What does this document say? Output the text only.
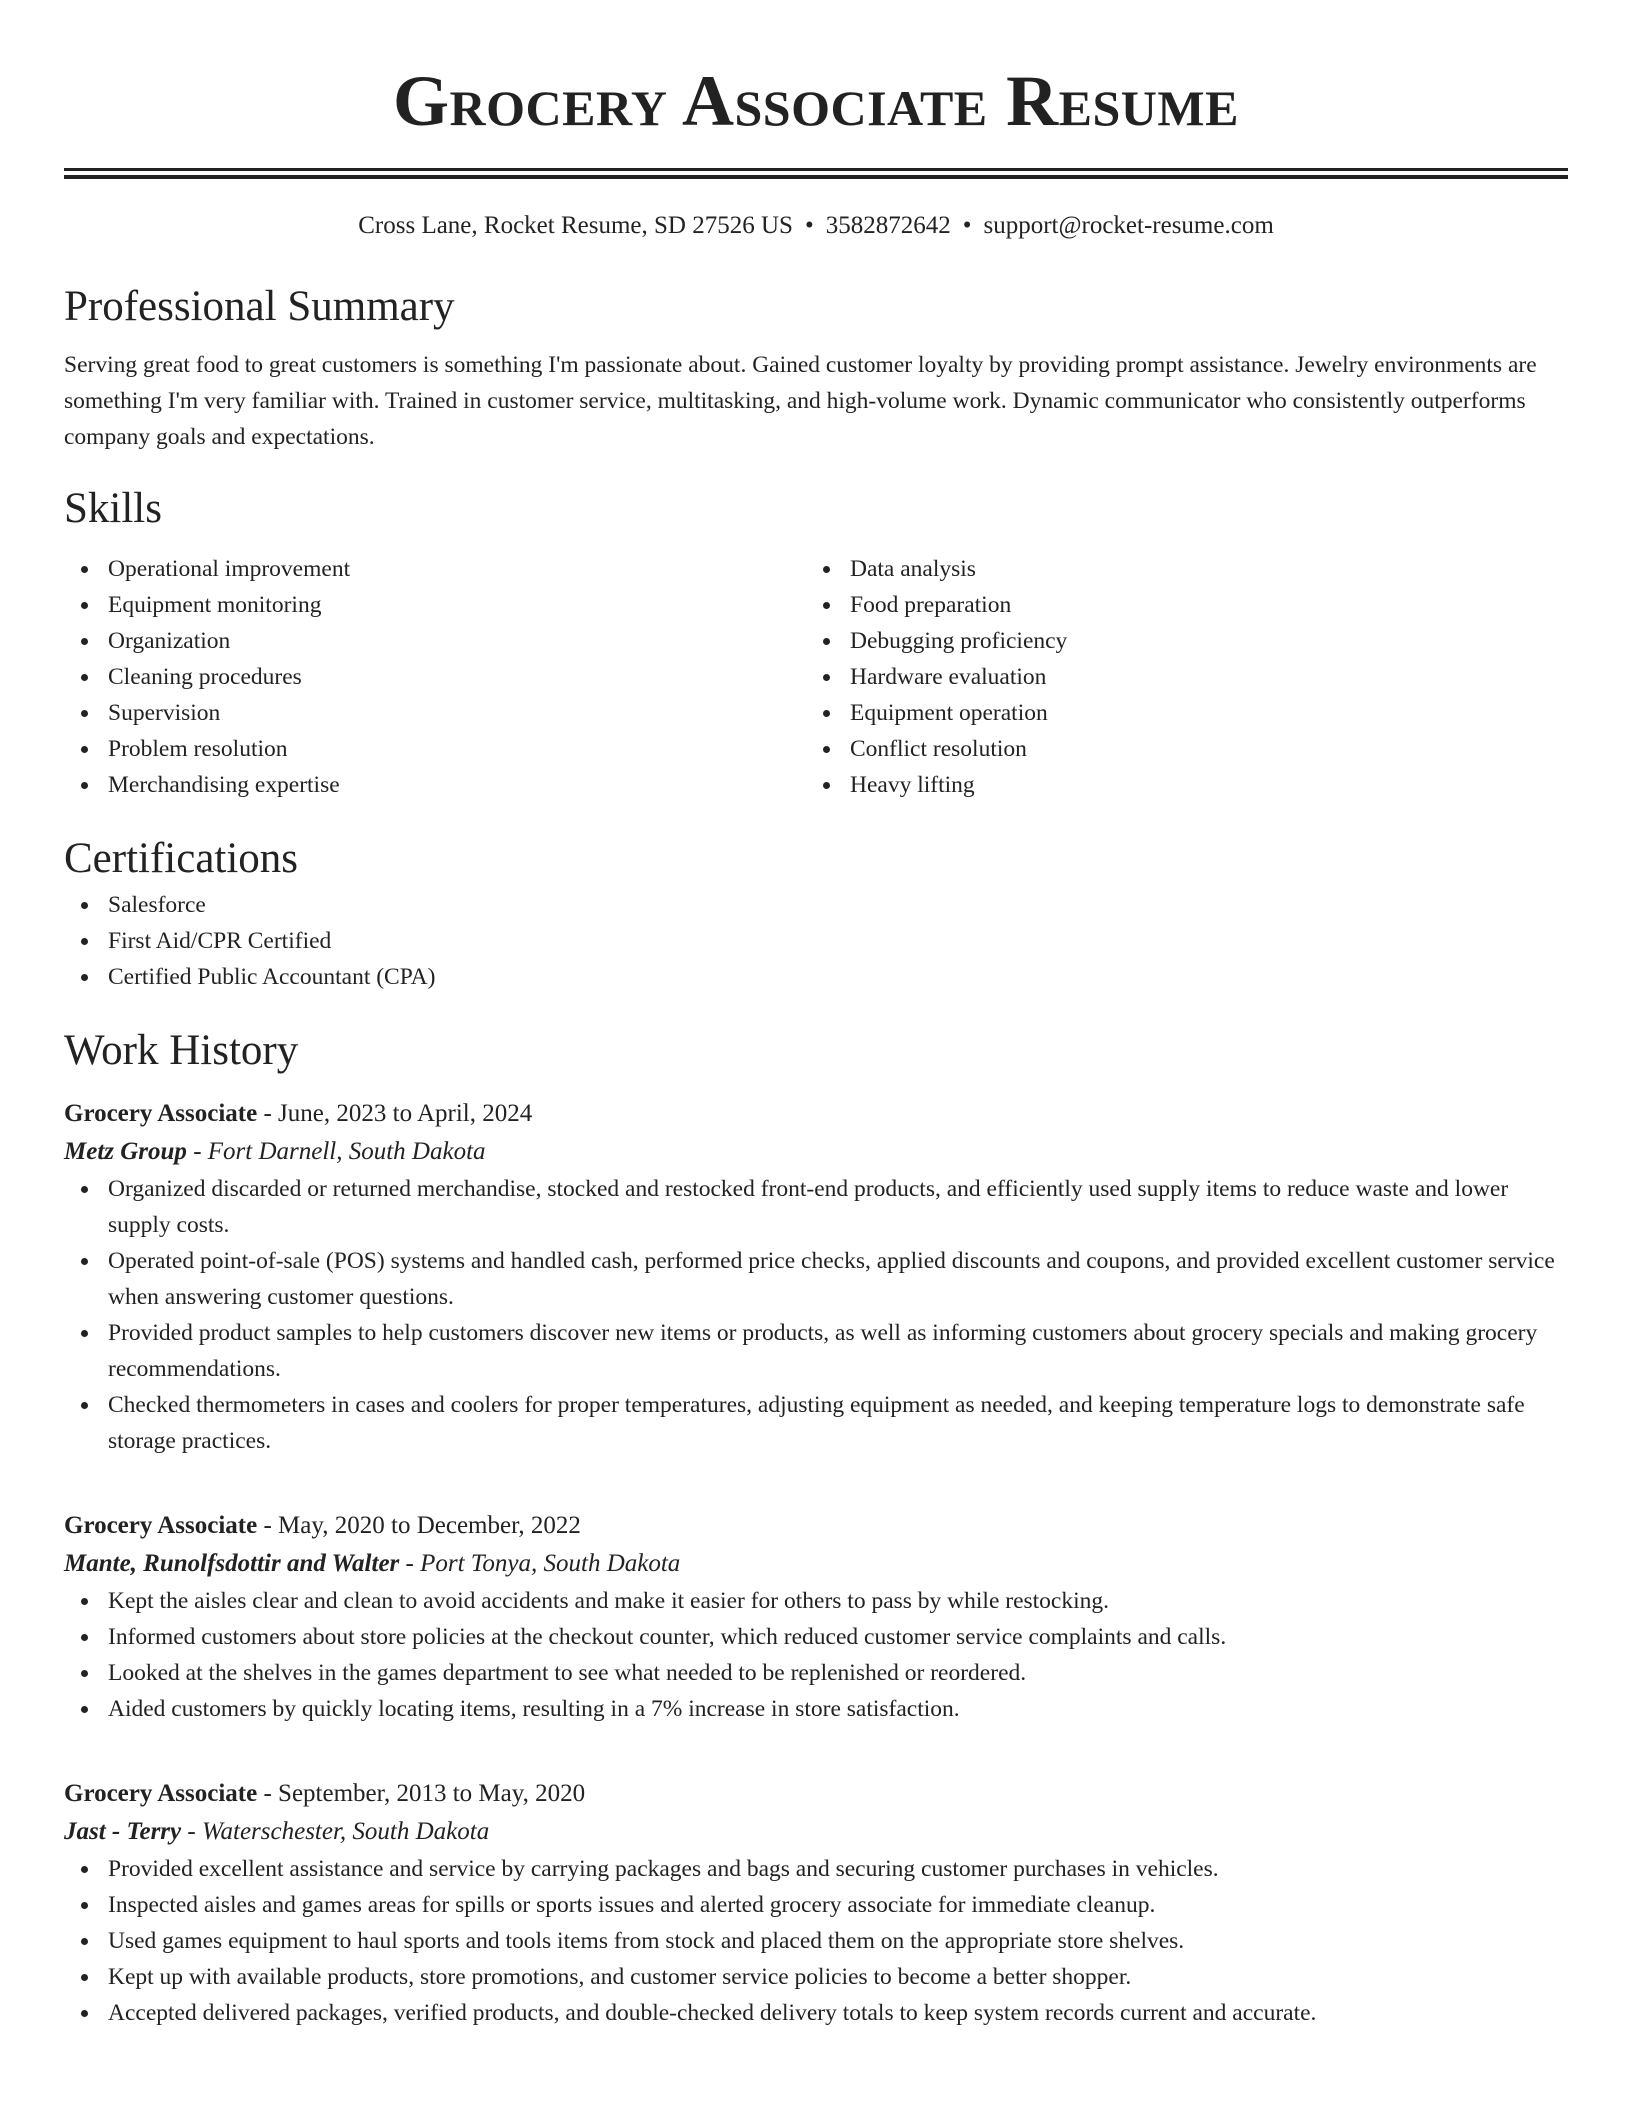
Grocery Associate Resume
Cross Lane, Rocket Resume, SD 27526 US • 3582872642 • support@rocket-resume.com
Professional Summary

Serving great food to great customers is something I'm passionate about. Gained customer loyalty by providing prompt assistance. Jewelry environments are something I'm very familiar with. Trained in customer service, multitasking, and high-volume work. Dynamic communicator who consistently outperforms company goals and expectations.

Skills
Operational improvement
Equipment monitoring
Organization
Cleaning procedures
Supervision
Problem resolution
Merchandising expertise
Data analysis
Food preparation
Debugging proficiency
Hardware evaluation
Equipment operation
Conflict resolution
Heavy lifting
Certifications
Salesforce
First Aid/CPR Certified
Certified Public Accountant (CPA)
Work History
Grocery Associate - June, 2023 to April, 2024
Metz Group - Fort Darnell, South Dakota
Organized discarded or returned merchandise, stocked and restocked front-end products, and efficiently used supply items to reduce waste and lower supply costs.
Operated point-of-sale (POS) systems and handled cash, performed price checks, applied discounts and coupons, and provided excellent customer service when answering customer questions.
Provided product samples to help customers discover new items or products, as well as informing customers about grocery specials and making grocery recommendations.
Checked thermometers in cases and coolers for proper temperatures, adjusting equipment as needed, and keeping temperature logs to demonstrate safe storage practices.
Grocery Associate - May, 2020 to December, 2022
Mante, Runolfsdottir and Walter - Port Tonya, South Dakota
Kept the aisles clear and clean to avoid accidents and make it easier for others to pass by while restocking.
Informed customers about store policies at the checkout counter, which reduced customer service complaints and calls.
Looked at the shelves in the games department to see what needed to be replenished or reordered.
Aided customers by quickly locating items, resulting in a 7% increase in store satisfaction.
Grocery Associate - September, 2013 to May, 2020
Jast - Terry - Waterschester, South Dakota
Provided excellent assistance and service by carrying packages and bags and securing customer purchases in vehicles.
Inspected aisles and games areas for spills or sports issues and alerted grocery associate for immediate cleanup.
Used games equipment to haul sports and tools items from stock and placed them on the appropriate store shelves.
Kept up with available products, store promotions, and customer service policies to become a better shopper.
Accepted delivered packages, verified products, and double-checked delivery totals to keep system records current and accurate.
